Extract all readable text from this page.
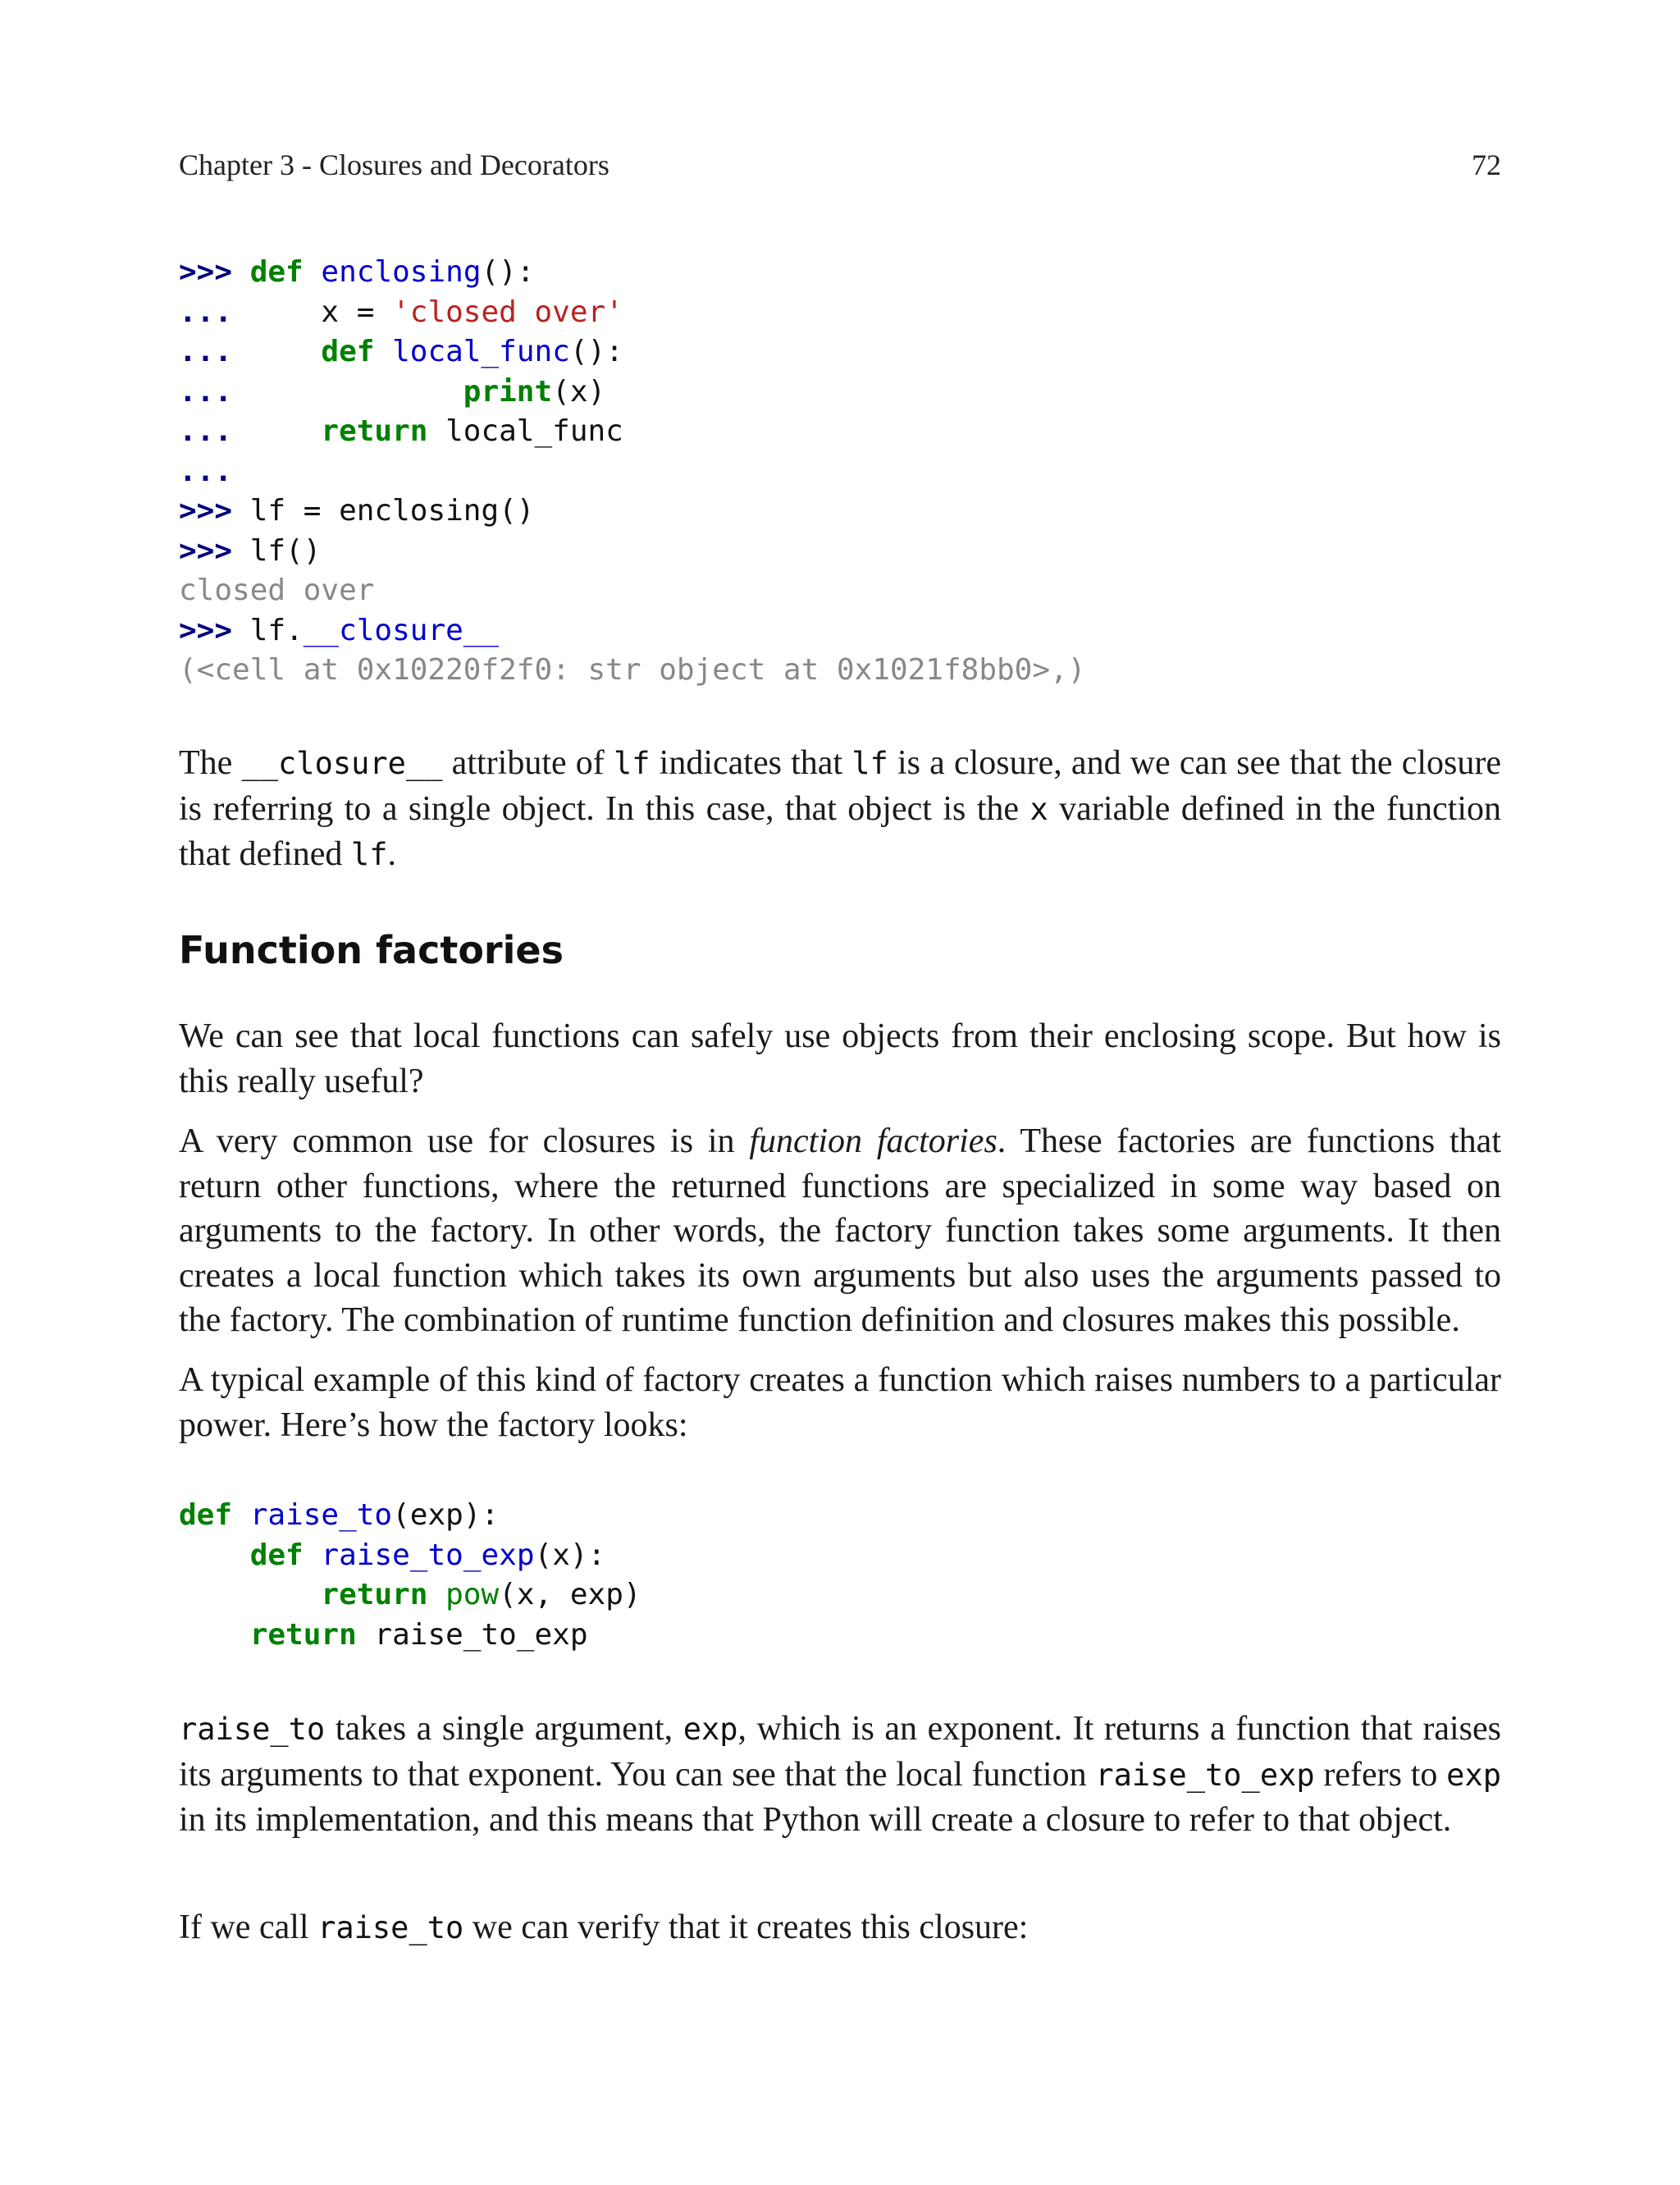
Chapter 3 - Closures and Decorators	72
>>> def enclosing():
...     x = 'closed over'
...     def local_func():
...             print(x)
...     return local_func
...
>>> lf = enclosing()
>>> lf()
closed over
>>> lf.__closure__
(<cell at 0x10220f2f0: str object at 0x1021f8bb0>,)

The __closure__ attribute of lf indicates that lf is a closure, and we can see that the closure is referring to a single object. In this case, that object is the x variable defined in the function that defined lf.

Function factories

We can see that local functions can safely use objects from their enclosing scope. But how is this really useful?

A very common use for closures is in function factories. These factories are functions that return other functions, where the returned functions are specialized in some way based on arguments to the factory. In other words, the factory function takes some arguments. It then creates a local function which takes its own arguments but also uses the arguments passed to the factory. The combination of runtime function definition and closures makes this possible.

A typical example of this kind of factory creates a function which raises numbers to a particular power. Here’s how the factory looks:

def raise_to(exp):
def raise_to_exp(x):
return pow(x, exp)
return raise_to_exp

raise_to takes a single argument, exp, which is an exponent. It returns a function that raises its arguments to that exponent. You can see that the local function raise_to_exp refers to exp in its implementation, and this means that Python will create a closure to refer to that object.

If we call raise_to we can verify that it creates this closure:
